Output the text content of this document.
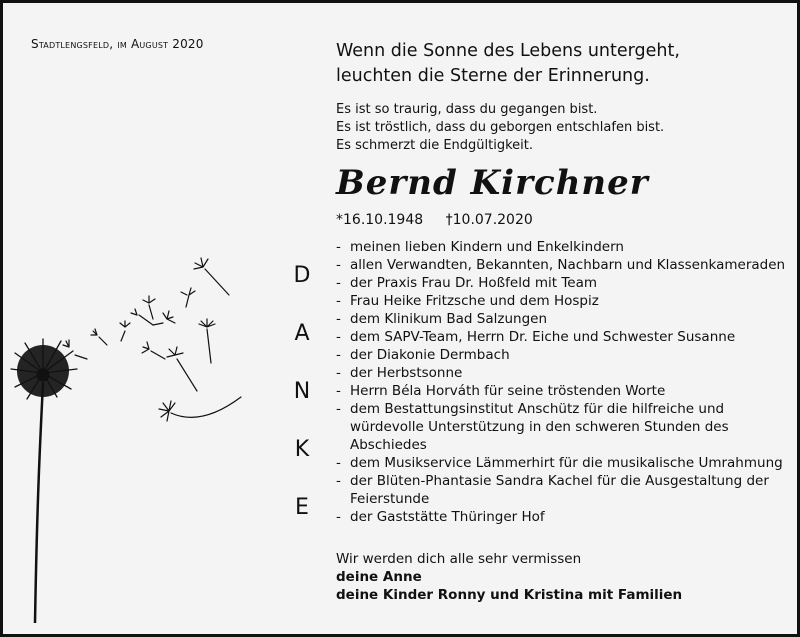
Stadtlengsfeld, im August 2020	Wenn die Sonne des Lebens untergeht,
leuchten die Sterne der Erinnerung.
Es ist so traurig, dass du gegangen bist.
Es ist tröstlich, dass du geborgen entschlafen bist.
Es schmerzt die Endgültigkeit.
Bernd Kirchner
*16.10.1948 †10.07.2020
- meinen lieben Kindern und Enkelkindern
- allen Verwandten, Bekannten, Nachbarn und Klassenkameraden
- der Praxis Frau Dr. Hoßfeld mit Team
- Frau Heike Fritzsche und dem Hospiz
- dem Klinikum Bad Salzungen
- dem SAPV-Team, Herrn Dr. Eiche und Schwester Susanne
- der Diakonie Dermbach
- der Herbstsonne
- Herrn Béla Horváth für seine tröstenden Worte
- dem Bestattungsinstitut Anschütz für die hilfreiche und würdevolle Unterstützung in den schweren Stunden des Abschiedes
- dem Musikservice Lämmerhirt für die musikalische Umrahmung
- der Blüten-Phantasie Sandra Kachel für die Ausgestaltung der Feierstunde
- der Gaststätte Thüringer Hof
Wir werden dich alle sehr vermissen
deine Anne
deine Kinder Ronny und Kristina mit Familien
D
A
N
K
E
